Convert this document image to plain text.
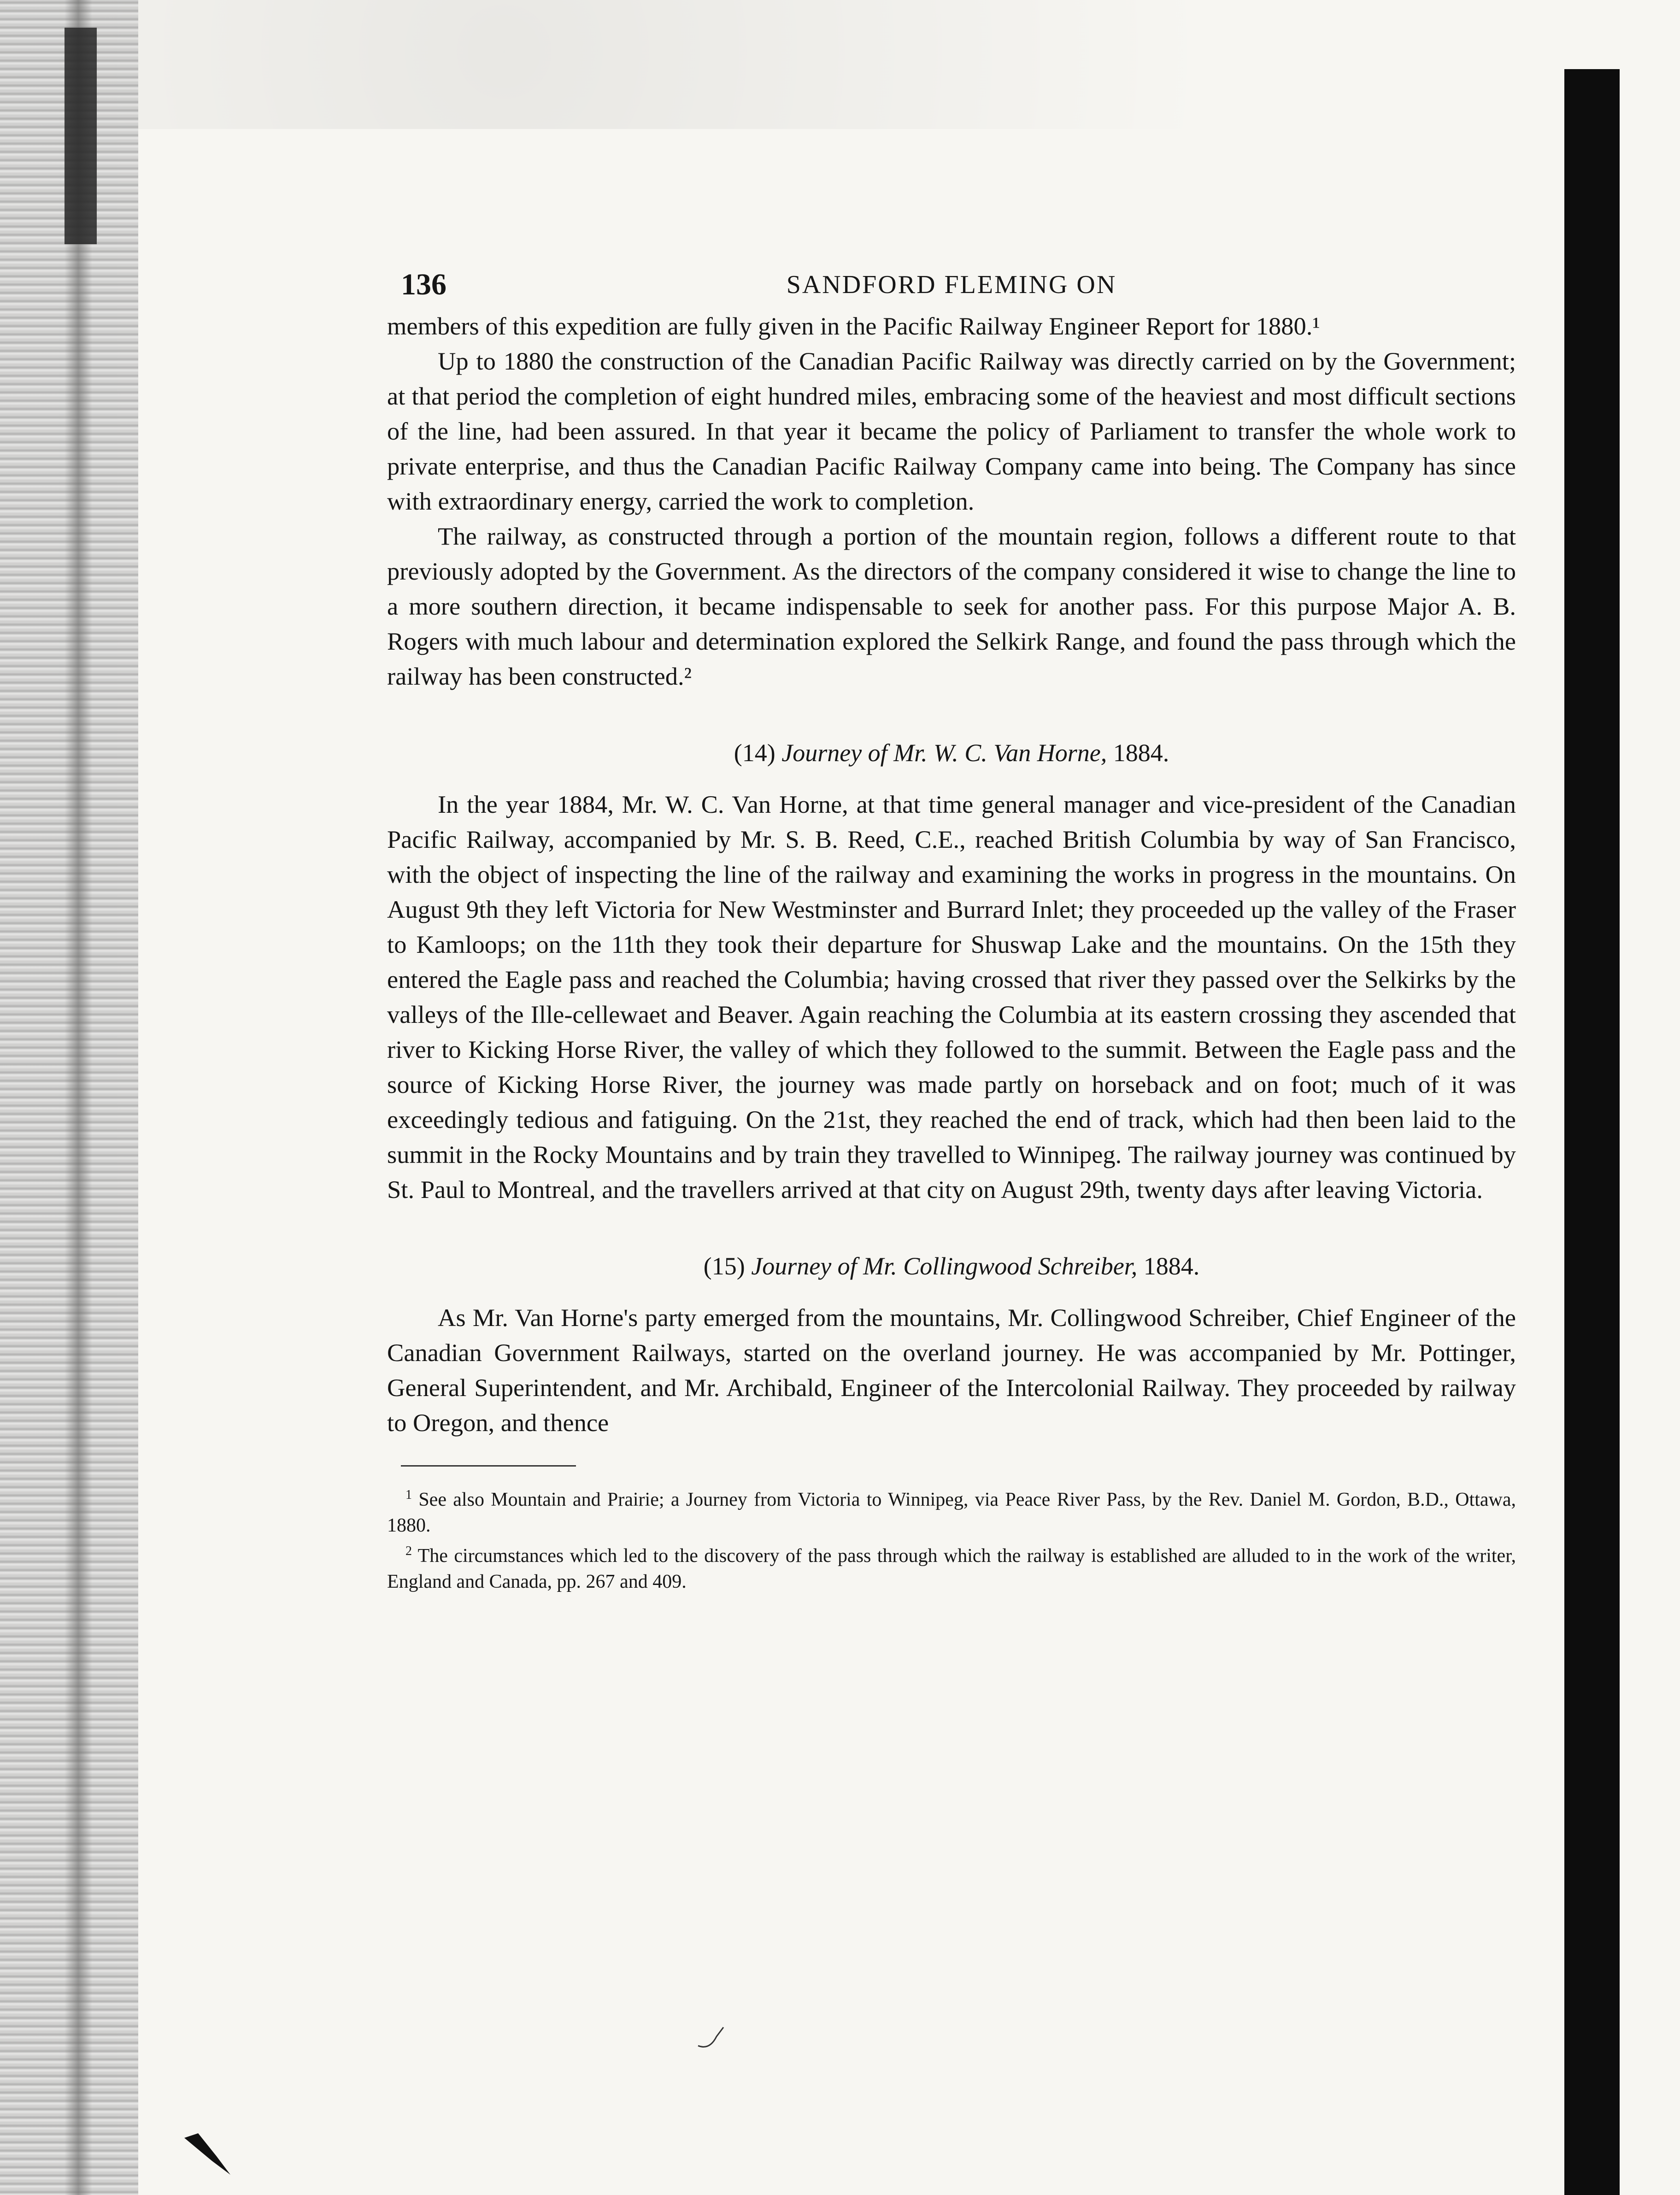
136	SANDFORD FLEMING ON

members of this expedition are fully given in the Pacific Railway Engineer Report for 1880.¹

Up to 1880 the construction of the Canadian Pacific Railway was directly carried on by the Government; at that period the completion of eight hundred miles, embracing some of the heaviest and most difficult sections of the line, had been assured. In that year it became the policy of Parliament to transfer the whole work to private enterprise, and thus the Canadian Pacific Railway Company came into being. The Company has since with extraordinary energy, carried the work to completion.

The railway, as constructed through a portion of the mountain region, follows a different route to that previously adopted by the Government. As the directors of the company considered it wise to change the line to a more southern direction, it became indispensable to seek for another pass. For this purpose Major A. B. Rogers with much labour and determination explored the Selkirk Range, and found the pass through which the railway has been constructed.²

(14) Journey of Mr. W. C. Van Horne, 1884.

In the year 1884, Mr. W. C. Van Horne, at that time general manager and vice-president of the Canadian Pacific Railway, accompanied by Mr. S. B. Reed, C.E., reached British Columbia by way of San Francisco, with the object of inspecting the line of the railway and examining the works in progress in the mountains. On August 9th they left Victoria for New Westminster and Burrard Inlet; they proceeded up the valley of the Fraser to Kamloops; on the 11th they took their departure for Shuswap Lake and the mountains. On the 15th they entered the Eagle pass and reached the Columbia; having crossed that river they passed over the Selkirks by the valleys of the Ille-cellewaet and Beaver. Again reaching the Columbia at its eastern crossing they ascended that river to Kicking Horse River, the valley of which they followed to the summit. Between the Eagle pass and the source of Kicking Horse River, the journey was made partly on horseback and on foot; much of it was exceedingly tedious and fatiguing. On the 21st, they reached the end of track, which had then been laid to the summit in the Rocky Mountains and by train they travelled to Winnipeg. The railway journey was continued by St. Paul to Montreal, and the travellers arrived at that city on August 29th, twenty days after leaving Victoria.

(15) Journey of Mr. Collingwood Schreiber, 1884.

As Mr. Van Horne's party emerged from the mountains, Mr. Collingwood Schreiber, Chief Engineer of the Canadian Government Railways, started on the overland journey. He was accompanied by Mr. Pottinger, General Superintendent, and Mr. Archibald, Engineer of the Intercolonial Railway. They proceeded by railway to Oregon, and thence

$^1$ See also Mountain and Prairie; a Journey from Victoria to Winnipeg, via Peace River Pass, by the Rev. Daniel M. Gordon, B.D., Ottawa, 1880.

$^2$ The circumstances which led to the discovery of the pass through which the railway is established are alluded to in the work of the writer, England and Canada, pp. 267 and 409.
